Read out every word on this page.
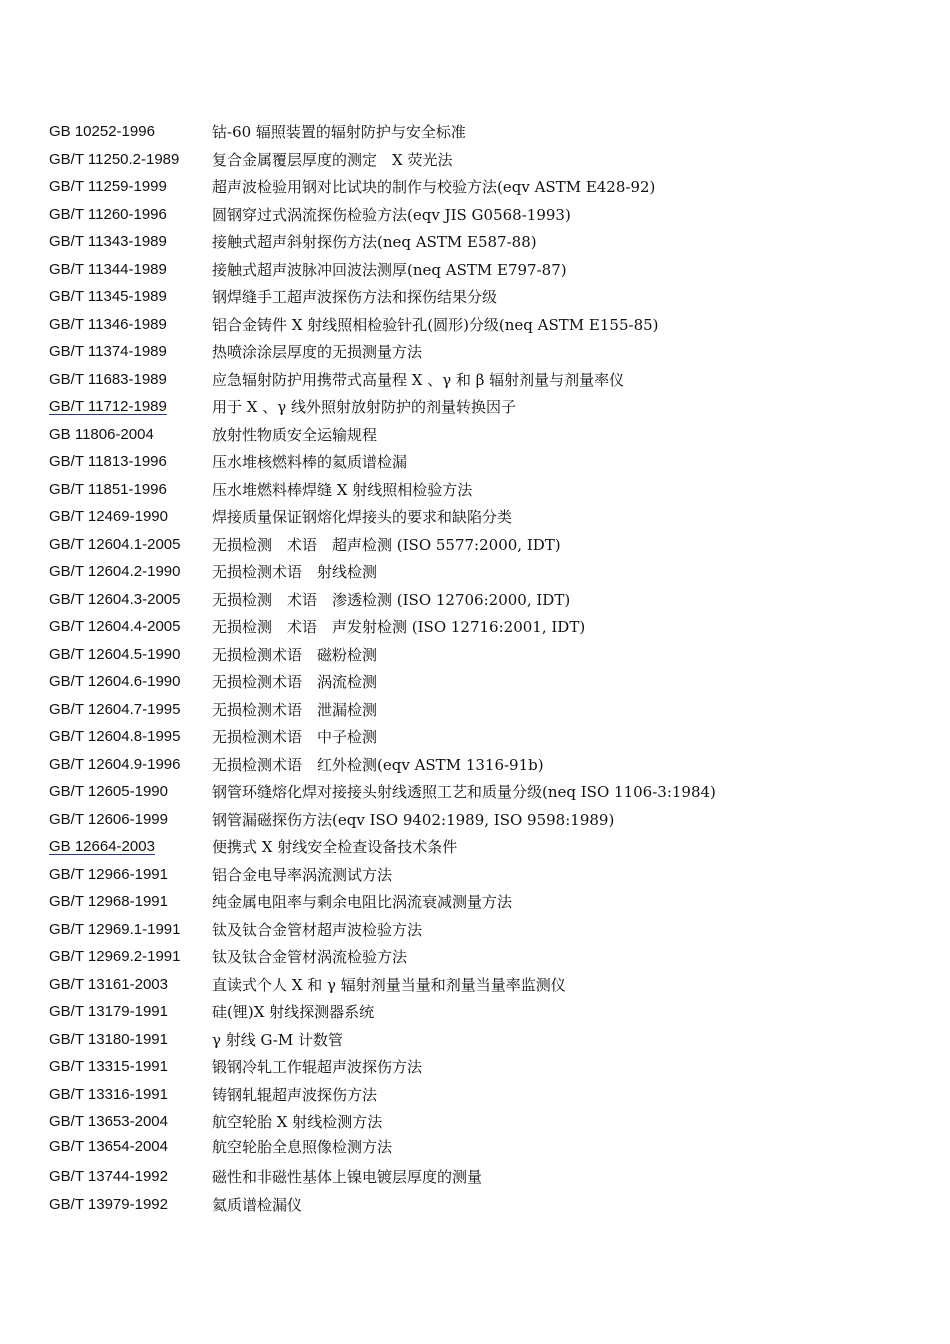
GB 10252-1996	钴-60 辐照装置的辐射防护与安全标准
GB/T 11250.2-1989 复合金属覆层厚度的测定　X 荧光法
GB/T 11259-1999	超声波检验用钢对比试块的制作与校验方法(eqv ASTM E428-92)
GB/T 11260-1996	圆钢穿过式涡流探伤检验方法(eqv JIS G0568-1993)
GB/T 11343-1989	接触式超声斜射探伤方法(neq ASTM E587-88)
GB/T 11344-1989	接触式超声波脉冲回波法测厚(neq ASTM E797-87)
GB/T 11345-1989	钢焊缝手工超声波探伤方法和探伤结果分级
GB/T 11346-1989	铝合金铸件 X 射线照相检验针孔(圆形)分级(neq ASTM E155-85)
GB/T 11374-1989	热喷涂涂层厚度的无损测量方法
GB/T 11683-1989	应急辐射防护用携带式高量程 X 、γ 和 β 辐射剂量与剂量率仪
GB/T 11712-1989	用于 X 、γ 线外照射放射防护的剂量转换因子
GB 11806-2004	放射性物质安全运输规程
GB/T 11813-1996	压水堆核燃料棒的氦质谱检漏
GB/T 11851-1996	压水堆燃料棒焊缝 X 射线照相检验方法
GB/T 12469-1990	焊接质量保证钢熔化焊接头的要求和缺陷分类
GB/T 12604.1-2005 无损检测　术语　超声检测 (ISO 5577:2000, IDT)
GB/T 12604.2-1990 无损检测术语　射线检测
GB/T 12604.3-2005 无损检测　术语　渗透检测 (ISO 12706:2000, IDT)
GB/T 12604.4-2005 无损检测　术语　声发射检测 (ISO 12716:2001, IDT)
GB/T 12604.5-1990 无损检测术语　磁粉检测
GB/T 12604.6-1990 无损检测术语　涡流检测
GB/T 12604.7-1995 无损检测术语　泄漏检测
GB/T 12604.8-1995 无损检测术语　中子检测
GB/T 12604.9-1996 无损检测术语　红外检测(eqv ASTM 1316-91b)
GB/T 12605-1990	钢管环缝熔化焊对接接头射线透照工艺和质量分级(neq ISO 1106-3:1984)
GB/T 12606-1999	钢管漏磁探伤方法(eqv ISO 9402:1989, ISO 9598:1989)
GB 12664-2003	便携式 X 射线安全检查设备技术条件
GB/T 12966-1991	铝合金电导率涡流测试方法
GB/T 12968-1991	纯金属电阻率与剩余电阻比涡流衰减测量方法
GB/T 12969.1-1991 钛及钛合金管材超声波检验方法
GB/T 12969.2-1991 钛及钛合金管材涡流检验方法
GB/T 13161-2003	直读式个人 X 和 γ 辐射剂量当量和剂量当量率监测仪
GB/T 13179-1991	硅(锂)X 射线探测器系统
GB/T 13180-1991	γ 射线 G-M 计数管
GB/T 13315-1991	锻钢冷轧工作辊超声波探伤方法
GB/T 13316-1991	铸钢轧辊超声波探伤方法
GB/T 13653-2004	航空轮胎 X 射线检测方法
GB/T 13654-2004	航空轮胎全息照像检测方法
GB/T 13744-1992	磁性和非磁性基体上镍电镀层厚度的测量
GB/T 13979-1992	氦质谱检漏仪
